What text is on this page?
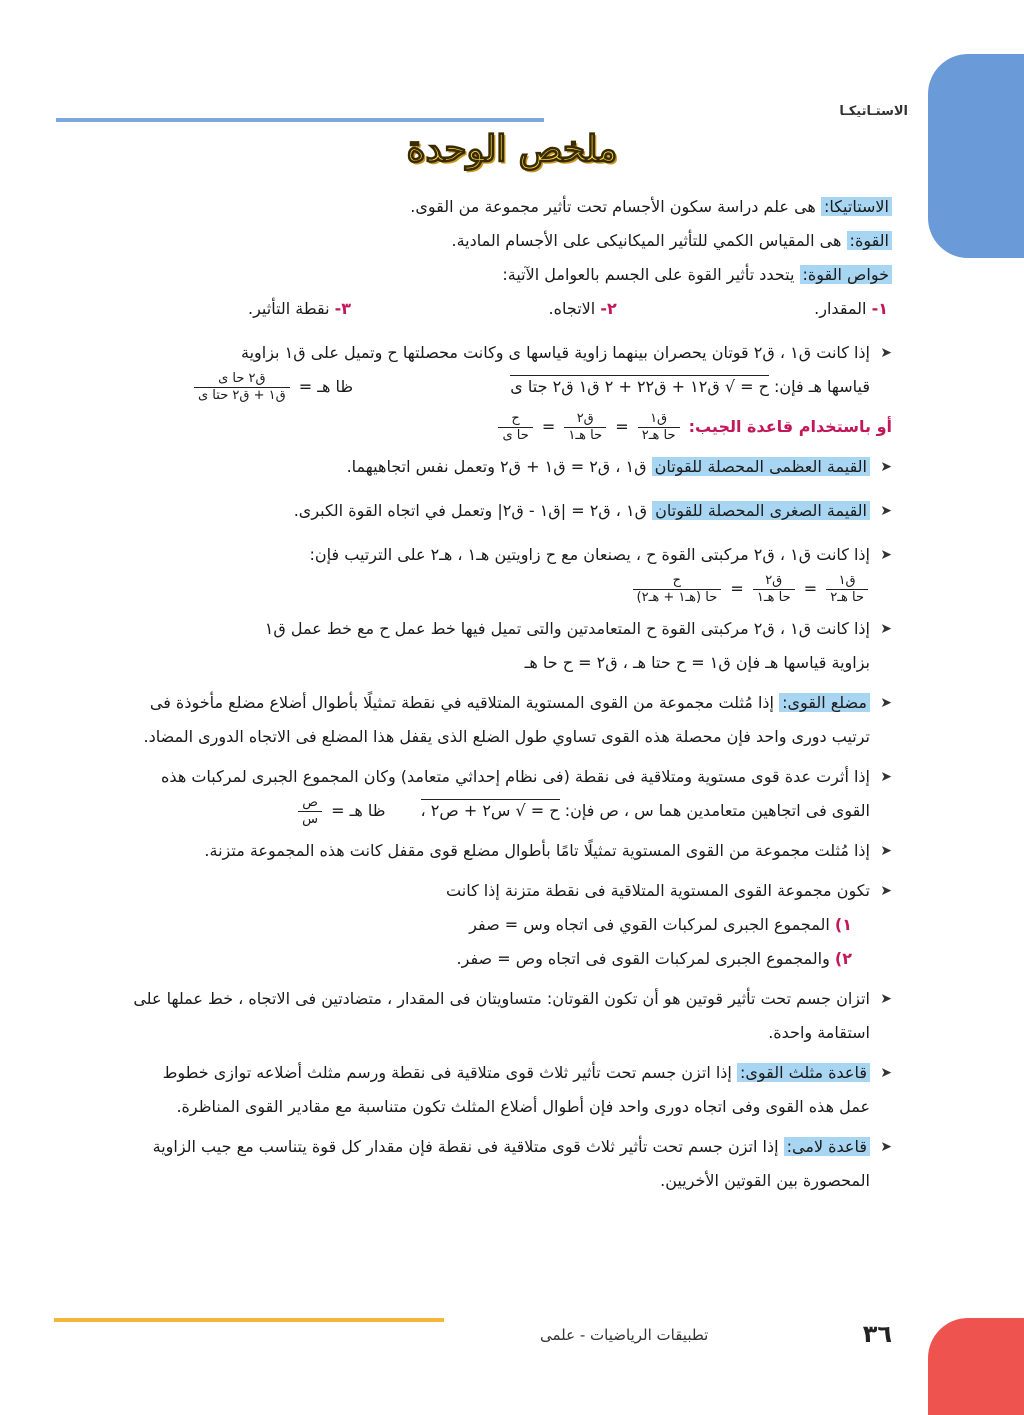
الاستـاتيكـا
ملخص الوحدة

الاستاتيكا: هى علم دراسة سكون الأجسام تحت تأثير مجموعة من القوى.

القوة: هى المقياس الكمي للتأثير الميكانيكى على الأجسام المادية.

خواص القوة: يتحدد تأثير القوة على الجسم بالعوامل الآتية:

١- المقدار.
٢- الاتجاه.
٣- نقطة التأثير.

➤ إذا كانت ق١ ، ق٢ قوتان يحصران بينهما زاوية قياسها ى وكانت محصلتها ح وتميل على ق١ بزاوية

قياسها هـ فإن: ح = √ ق١٢ + ق٢٢ + ٢ ق١ ق٢ جتا ى
ظا هـ =
$\frac{\text{ق٢ حا ى}}{\text{ق١ + ق٢ حتا ى}}$

أو باستخدام قاعدة الجيب:
$\frac{\text{ق١}}{\text{حا هـ٢}}$
=
$\frac{\text{ق٢}}{\text{حا هـ١}}$
=
$\frac{\text{ح}}{\text{حا ى}}$

➤ القيمة العظمى المحصلة للقوتان ق١ ، ق٢ = ق١ + ق٢ وتعمل نفس اتجاهيهما.

➤ القيمة الصغرى المحصلة للقوتان ق١ ، ق٢ = |ق١ - ق٢| وتعمل في اتجاه القوة الكبرى.

➤ إذا كانت ق١ ، ق٢ مركبتى القوة ح ، يصنعان مع ح زاويتين هـ١ ، هـ٢ على الترتيب فإن:

$\frac{\text{ق١}}{\text{حا هـ٢}}$
=
$\frac{\text{ق٢}}{\text{حا هـ١}}$
=
$\frac{\text{ح}}{\text{حا (هـ١ + هـ٢)}}$

➤ إذا كانت ق١ ، ق٢ مركبتى القوة ح المتعامدتين والتى تميل فيها خط عمل ح مع خط عمل ق١

بزاوية قياسها هـ فإن ق١ = ح حتا هـ ، ق٢ = ح حا هـ

➤ مضلع القوى: إذا مُثلت مجموعة من القوى المستوية المتلاقيه في نقطة تمثيلًا بأطوال أضلاع مضلع مأخوذة فى ترتيب دورى واحد فإن محصلة هذه القوى تساوي طول الضلع الذى يقفل هذا المضلع فى الاتجاه الدورى المضاد.

➤ إذا أثرت عدة قوى مستوية ومتلاقية فى نقطة (فى نظام إحداثي متعامد) وكان المجموع الجبرى لمركبات هذه

القوى فى اتجاهين متعامدين هما س ، ص فإن: ح = √ س٢ + ص٢ ، ظا هـ =
$\frac{\text{ص}}{\text{س}}$

➤ إذا مُثلت مجموعة من القوى المستوية تمثيلًا تامًا بأطوال مضلع قوى مقفل كانت هذه المجموعة متزنة.

➤ تكون مجموعة القوى المستوية المتلاقية فى نقطة متزنة إذا كانت

١) المجموع الجبرى لمركبات القوي فى اتجاه وس = صفر

٢) والمجموع الجبرى لمركبات القوى فى اتجاه وص = صفر.

➤ اتزان جسم تحت تأثير قوتين هو أن تكون القوتان: متساويتان فى المقدار ، متضادتين فى الاتجاه ، خط عملها على استقامة واحدة.

➤ قاعدة مثلث القوى: إذا اتزن جسم تحت تأثير ثلاث قوى متلاقية فى نقطة ورسم مثلث أضلاعه توازى خطوط عمل هذه القوى وفى اتجاه دورى واحد فإن أطوال أضلاع المثلث تكون متناسبة مع مقادير القوى المناظرة.

➤ قاعدة لامى: إذا اتزن جسم تحت تأثير ثلاث قوى متلاقية فى نقطة فإن مقدار كل قوة يتناسب مع جيب الزاوية المحصورة بين القوتين الأخريين.

تطبيقات الرياضيات - علمى	٣٦
